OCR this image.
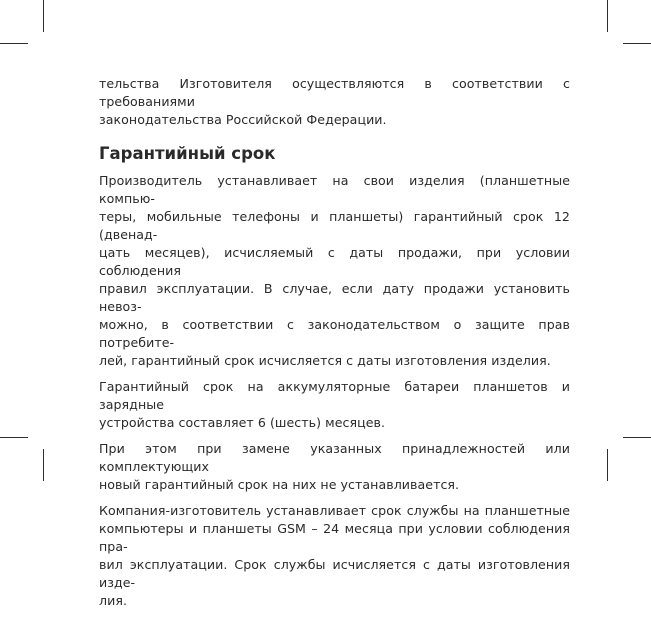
тельства Изготовителя осуществляются в соответствии с требованиями
законодательства Российской Федерации.

Гарантийный срок

Производитель устанавливает на свои изделия (планшетные компью-
теры, мобильные телефоны и планшеты) гарантийный срок 12 (двенад-
цать месяцев), исчисляемый с даты продажи, при условии соблюдения
правил эксплуатации. В случае, если дату продажи установить невоз-
можно, в соответствии с законодательством о защите прав потребите-
лей, гарантийный срок исчисляется с даты изготовления изделия.

Гарантийный срок на аккумуляторные батареи планшетов и зарядные
устройства составляет 6 (шесть) месяцев.

При этом при замене указанных принадлежностей или комплектующих
новый гарантийный срок на них не устанавливается.

Компания-изготовитель устанавливает срок службы на планшетные
компьютеры и планшеты GSM – 24 месяца при условии соблюдения пра-
вил эксплуатации. Срок службы исчисляется с даты изготовления изде-
лия.
